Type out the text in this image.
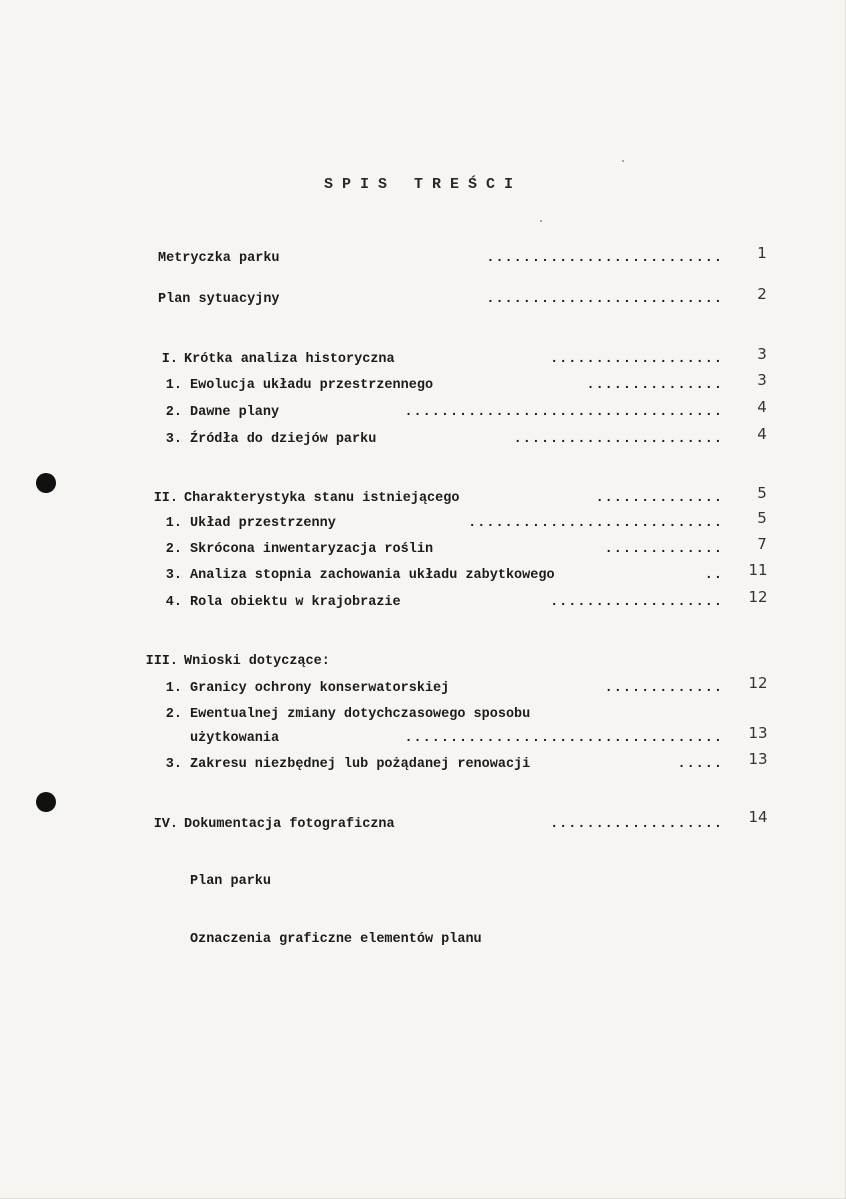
SPIS TREŚCI
Metryczka parku	..........................	1
Plan sytuacyjny	..........................	2
I. Krótka analiza historyczna	...................	3
1. Ewolucja układu przestrzennego	...............	3
2. Dawne plany	...................................	4
3. Źródła do dziejów parku	.......................	4
II. Charakterystyka stanu istniejącego	..............	5
1. Układ przestrzenny	............................	5
2. Skrócona inwentaryzacja roślin	.............	7
3. Analiza stopnia zachowania układu zabytkowego	..	11
4. Rola obiektu w krajobrazie	...................	12
III. Wnioski dotyczące:
1. Granicy ochrony konserwatorskiej	.............	12
2. Ewentualnej zmiany dotychczasowego sposobu
użytkowania	...................................	13
3. Zakresu niezbędnej lub pożądanej renowacji	.....	13
IV. Dokumentacja fotograficzna	...................	14
Plan parku
Oznaczenia graficzne elementów planu
